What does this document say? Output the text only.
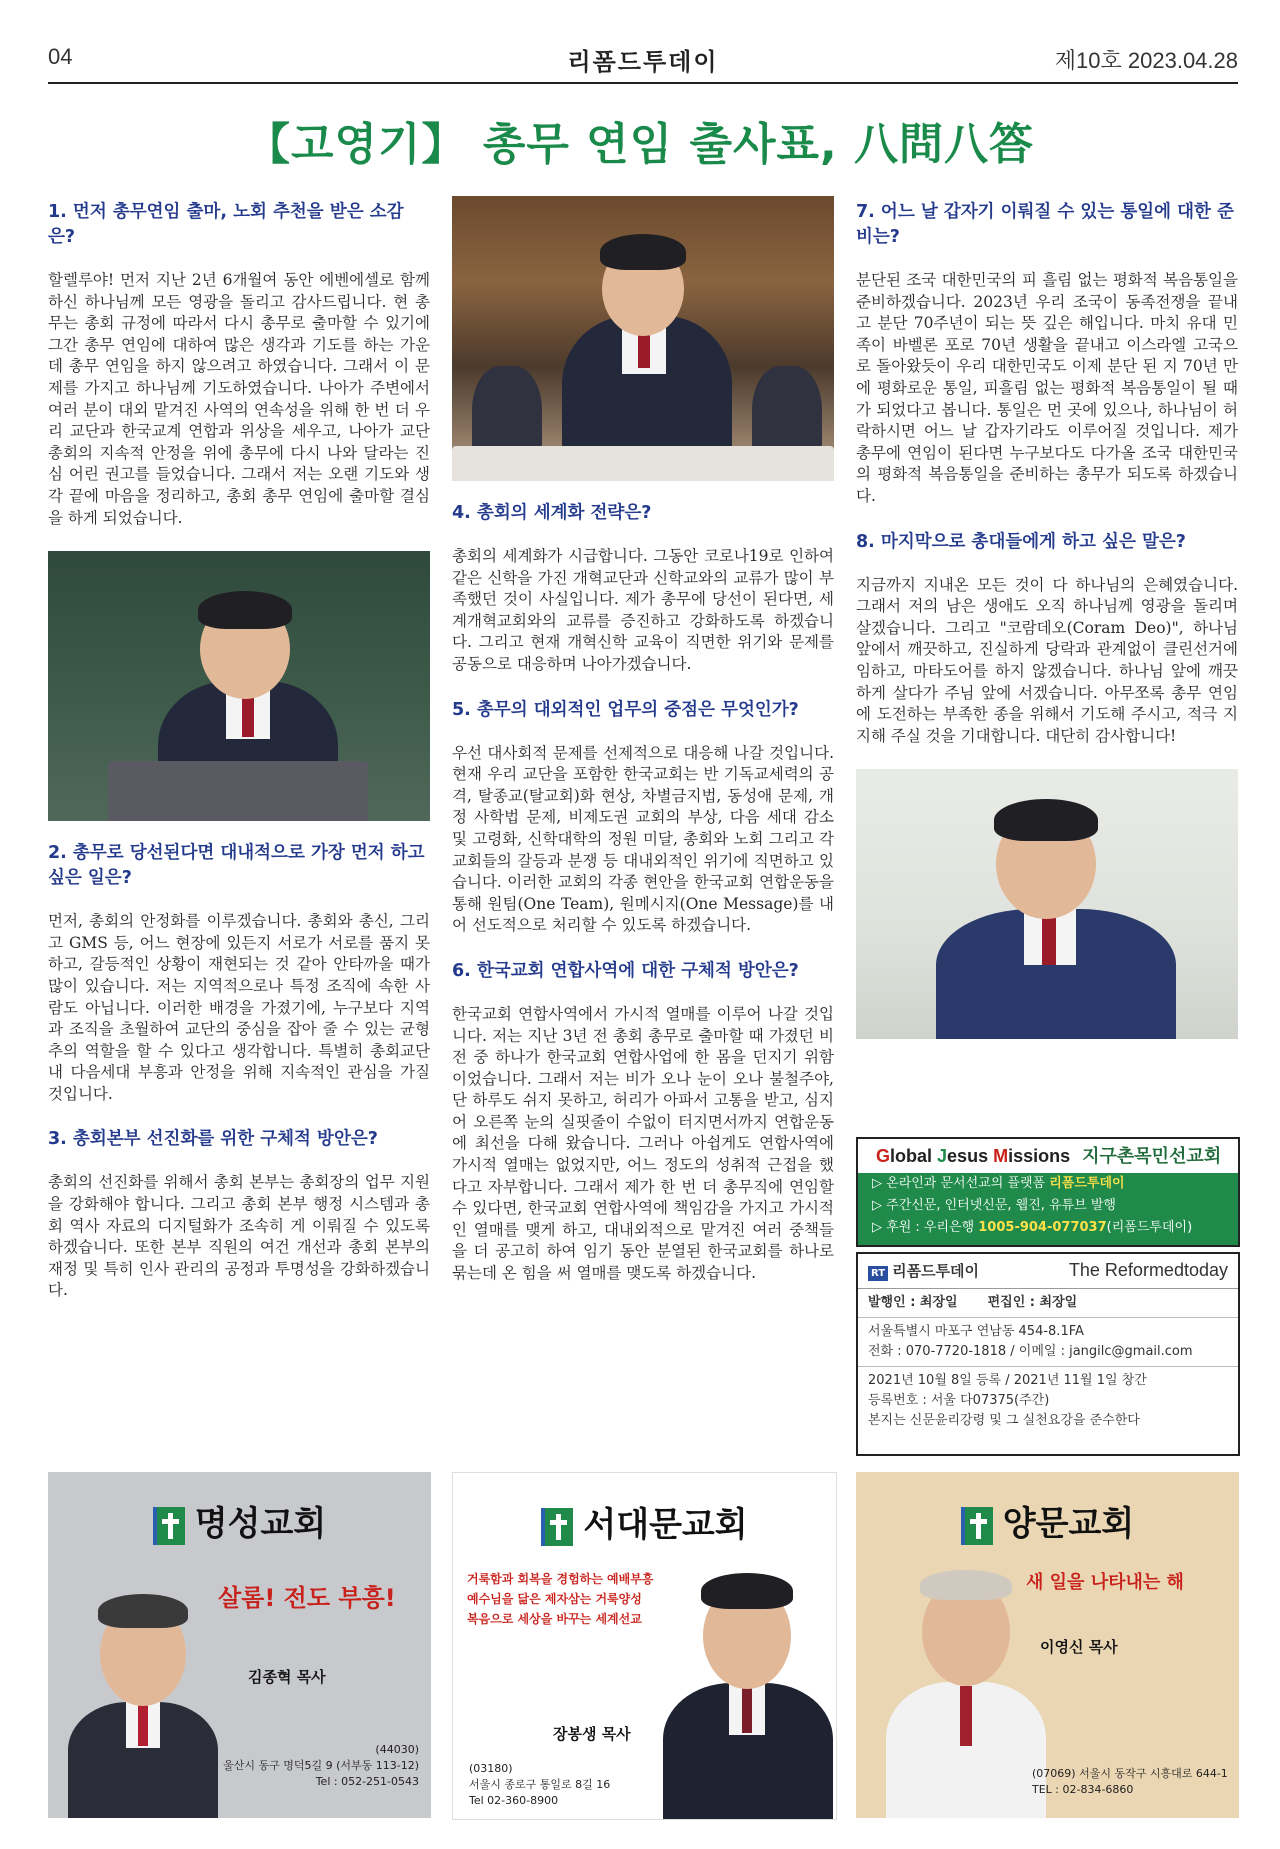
04	리폼드투데이	제10호 2023.04.28
【고영기】 총무 연임 출사표, 八問八答
1. 먼저 총무연임 출마, 노회 추천을 받은 소감은?
할렐루야! 먼저 지난 2년 6개월여 동안 에벤에셀로 함께 하신 하나님께 모든 영광을 돌리고 감사드립니다. 현 총무는 총회 규정에 따라서 다시 총무로 출마할 수 있기에 그간 총무 연임에 대하여 많은 생각과 기도를 하는 가운데 총무 연임을 하지 않으려고 하였습니다. 그래서 이 문제를 가지고 하나님께 기도하였습니다. 나아가 주변에서 여러 분이 대외 맡겨진 사역의 연속성을 위해 한 번 더 우리 교단과 한국교계 연합과 위상을 세우고, 나아가 교단총회의 지속적 안정을 위에 총무에 다시 나와 달라는 진심 어린 권고를 들었습니다. 그래서 저는 오랜 기도와 생각 끝에 마음을 정리하고, 총회 총무 연임에 출마할 결심을 하게 되었습니다.
2. 총무로 당선된다면 대내적으로 가장 먼저 하고 싶은 일은?
먼저, 총회의 안정화를 이루겠습니다. 총회와 총신, 그리고 GMS 등, 어느 현장에 있든지 서로가 서로를 품지 못하고, 갈등적인 상황이 재현되는 것 같아 안타까울 때가 많이 있습니다. 저는 지역적으로나 특정 조직에 속한 사람도 아닙니다. 이러한 배경을 가졌기에, 누구보다 지역과 조직을 초월하여 교단의 중심을 잡아 줄 수 있는 균형추의 역할을 할 수 있다고 생각합니다. 특별히 총회교단 내 다음세대 부흥과 안정을 위해 지속적인 관심을 가질 것입니다.
3. 총회본부 선진화를 위한 구체적 방안은?
총회의 선진화를 위해서 총회 본부는 총회장의 업무 지원을 강화해야 합니다. 그리고 총회 본부 행정 시스템과 총회 역사 자료의 디지털화가 조속히 게 이뤄질 수 있도록 하겠습니다. 또한 본부 직원의 여건 개선과 총회 본부의 재정 및 특히 인사 관리의 공정과 투명성을 강화하겠습니다.
4. 총회의 세계화 전략은?
총회의 세계화가 시급합니다. 그동안 코로나19로 인하여 같은 신학을 가진 개혁교단과 신학교와의 교류가 많이 부족했던 것이 사실입니다. 제가 총무에 당선이 된다면, 세계개혁교회와의 교류를 증진하고 강화하도록 하겠습니다. 그리고 현재 개혁신학 교육이 직면한 위기와 문제를 공동으로 대응하며 나아가겠습니다.
5. 총무의 대외적인 업무의 중점은 무엇인가?
우선 대사회적 문제를 선제적으로 대응해 나갈 것입니다. 현재 우리 교단을 포함한 한국교회는 반 기독교세력의 공격, 탈종교(탈교회)화 현상, 차별금지법, 동성애 문제, 개정 사학법 문제, 비제도권 교회의 부상, 다음 세대 감소 및 고령화, 신학대학의 정원 미달, 총회와 노회 그리고 각 교회들의 갈등과 분쟁 등 대내외적인 위기에 직면하고 있습니다. 이러한 교회의 각종 현안을 한국교회 연합운동을 통해 원팀(One Team), 원메시지(One Message)를 내어 선도적으로 처리할 수 있도록 하겠습니다.
6. 한국교회 연합사역에 대한 구체적 방안은?
한국교회 연합사역에서 가시적 열매를 이루어 나갈 것입니다. 저는 지난 3년 전 총회 총무로 출마할 때 가졌던 비전 중 하나가 한국교회 연합사업에 한 몸을 던지기 위함이었습니다. 그래서 저는 비가 오나 눈이 오나 불철주야, 단 하루도 쉬지 못하고, 허리가 아파서 고통을 받고, 심지어 오른쪽 눈의 실핏줄이 수없이 터지면서까지 연합운동에 최선을 다해 왔습니다. 그러나 아쉽게도 연합사역에 가시적 열매는 없었지만, 어느 정도의 성취적 근접을 했다고 자부합니다. 그래서 제가 한 번 더 총무직에 연임할 수 있다면, 한국교회 연합사역에 책임감을 가지고 가시적인 열매를 맺게 하고, 대내외적으로 맡겨진 여러 중책들을 더 공고히 하여 임기 동안 분열된 한국교회를 하나로 묶는데 온 힘을 써 열매를 맺도록 하겠습니다.
7. 어느 날 갑자기 이뤄질 수 있는 통일에 대한 준비는?
분단된 조국 대한민국의 피 흘림 없는 평화적 복음통일을 준비하겠습니다. 2023년 우리 조국이 동족전쟁을 끝내고 분단 70주년이 되는 뜻 깊은 해입니다. 마치 유대 민족이 바벨론 포로 70년 생활을 끝내고 이스라엘 고국으로 돌아왔듯이 우리 대한민국도 이제 분단 된 지 70년 만에 평화로운 통일, 피흘림 없는 평화적 복음통일이 될 때가 되었다고 봅니다. 통일은 먼 곳에 있으나, 하나님이 허락하시면 어느 날 갑자기라도 이루어질 것입니다. 제가 총무에 연임이 된다면 누구보다도 다가올 조국 대한민국의 평화적 복음통일을 준비하는 총무가 되도록 하겠습니다.
8. 마지막으로 총대들에게 하고 싶은 말은?
지금까지 지내온 모든 것이 다 하나님의 은혜였습니다. 그래서 저의 남은 생애도 오직 하나님께 영광을 돌리며 살겠습니다. 그리고 "코람데오(Coram Deo)", 하나님 앞에서 깨끗하고, 진실하게 당락과 관계없이 클린선거에 임하고, 마타도어를 하지 않겠습니다. 하나님 앞에 깨끗하게 살다가 주님 앞에 서겠습니다. 아무쪼록 총무 연임에 도전하는 부족한 종을 위해서 기도해 주시고, 적극 지지해 주실 것을 기대합니다. 대단히 감사합니다!
Global Jesus Missions 지구촌목민선교회
▷ 온라인과 문서선교의 플랫폼 리폼드투데이
▷ 주간신문, 인터넷신문, 웹진, 유튜브 발행
▷ 후원 : 우리은행 1005-904-077037(리폼드투데이)
RT 리폼드투데이	The Reformedtoday
발행인 : 최장일 편집인 : 최장일
서울특별시 마포구 연남동 454-8.1FA
전화 : 070-7720-1818 / 이메일 : jangilc@gmail.com
2021년 10월 8일 등록 / 2021년 11월 1일 창간
등록번호 : 서울 다07375(주간)
본지는 신문윤리강령 및 그 실천요강을 준수한다
명성교회
살롬! 전도 부흥!
김종혁 목사
(44030)
울산시 동구 명덕5길 9 (서부동 113-12)
Tel : 052-251-0543
서대문교회
거룩함과 회복을 경험하는 예배부흥
예수님을 닮은 제자삼는 거룩양성
복음으로 세상을 바꾸는 세계선교
장봉생 목사
(03180)
서울시 종로구 통일로 8길 16
Tel 02-360-8900
양문교회
새 일을 나타내는 해
이영신 목사
(07069) 서울시 동작구 시흥대로 644-1
TEL : 02-834-6860
